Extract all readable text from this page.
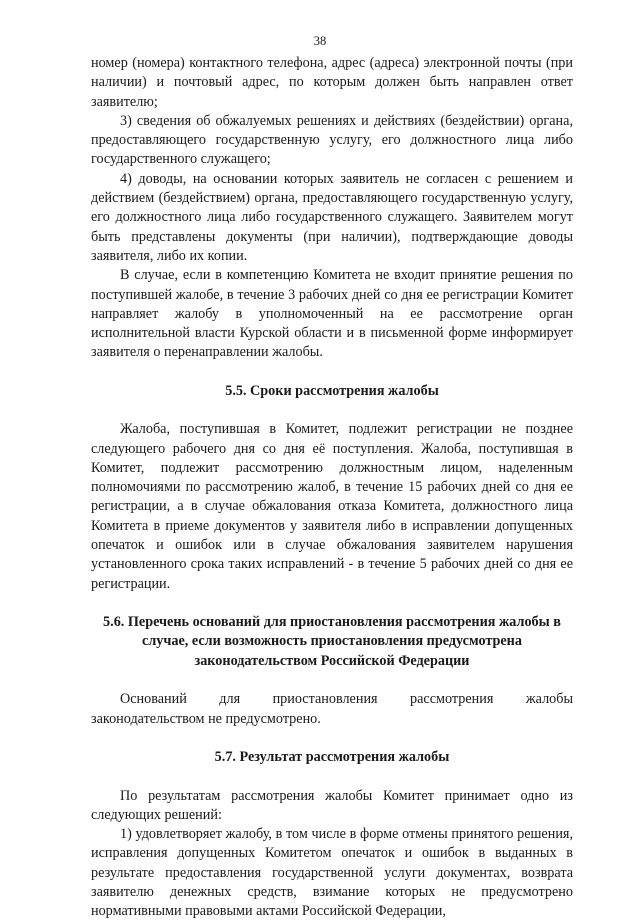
38

номер (номера) контактного телефона, адрес (адреса) электронной почты (при наличии) и почтовый адрес, по которым должен быть направлен ответ заявителю;

3) сведения об обжалуемых решениях и действиях (бездействии) органа, предоставляющего государственную услугу, его должностного лица либо государственного служащего;

4) доводы, на основании которых заявитель не согласен с решением и действием (бездействием) органа, предоставляющего государственную услугу, его должностного лица либо государственного служащего. Заявителем могут быть представлены документы (при наличии), подтверждающие доводы заявителя, либо их копии.

В случае, если в компетенцию Комитета не входит принятие решения по поступившей жалобе, в течение 3 рабочих дней со дня ее регистрации Комитет направляет жалобу в уполномоченный на ее рассмотрение орган исполнительной власти Курской области и в письменной форме информирует заявителя о перенаправлении жалобы.

5.5. Сроки рассмотрения жалобы

Жалоба, поступившая в Комитет, подлежит регистрации не позднее следующего рабочего дня со дня её поступления. Жалоба, поступившая в Комитет, подлежит рассмотрению должностным лицом, наделенным полномочиями по рассмотрению жалоб, в течение 15 рабочих дней со дня ее регистрации, а в случае обжалования отказа Комитета, должностного лица Комитета в приеме документов у заявителя либо в исправлении допущенных опечаток и ошибок или в случае обжалования заявителем нарушения установленного срока таких исправлений - в течение 5 рабочих дней со дня ее регистрации.

5.6. Перечень оснований для приостановления рассмотрения жалобы в случае, если возможность приостановления предусмотрена законодательством Российской Федерации

Оснований для приостановления рассмотрения жалобы законодательством не предусмотрено.

5.7. Результат рассмотрения жалобы

По результатам рассмотрения жалобы Комитет принимает одно из следующих решений:

1) удовлетворяет жалобу, в том числе в форме отмены принятого решения, исправления допущенных Комитетом опечаток и ошибок в выданных в результате предоставления государственной услуги документах, возврата заявителю денежных средств, взимание которых не предусмотрено нормативными правовыми актами Российской Федерации,
